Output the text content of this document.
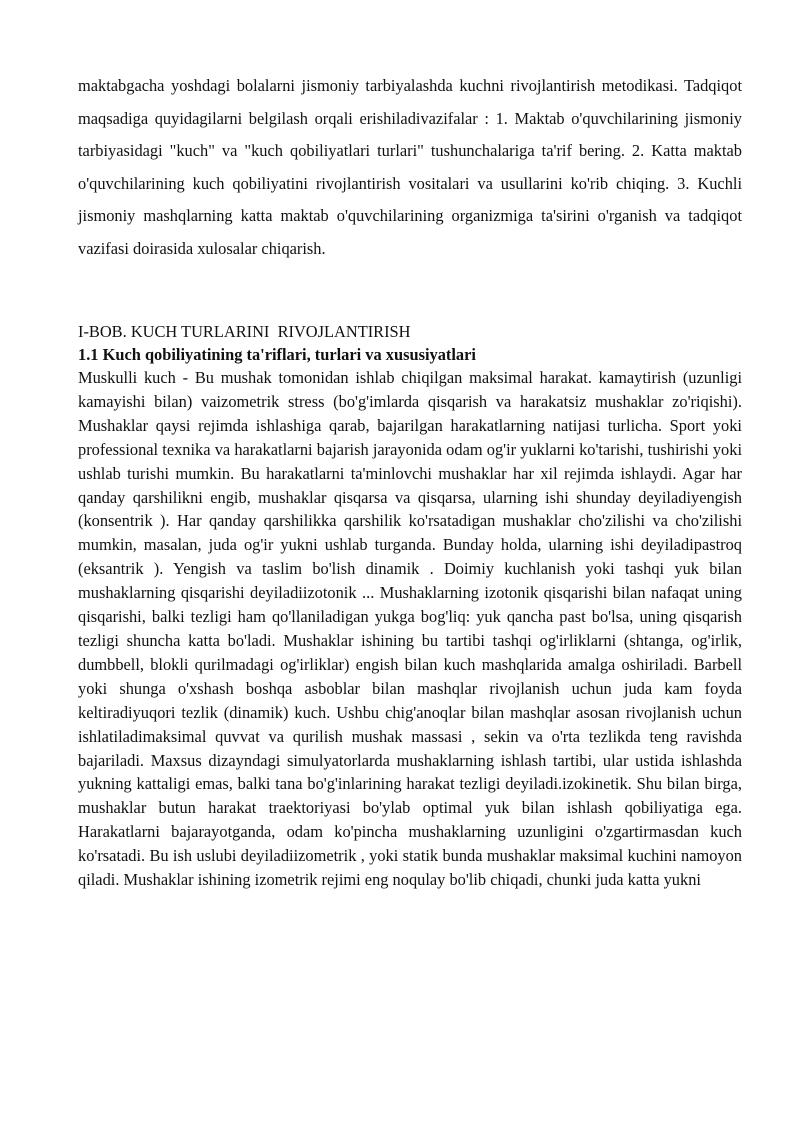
maktabgacha yoshdagi bolalarni jismoniy tarbiyalashda kuchni rivojlantirish metodikasi. Tadqiqot maqsadiga quyidagilarni belgilash orqali erishiladivazifalar : 1. Maktab o'quvchilarining jismoniy tarbiyasidagi "kuch" va "kuch qobiliyatlari turlari" tushunchalariga ta'rif bering. 2. Katta maktab o'quvchilarining kuch qobiliyatini rivojlantirish vositalari va usullarini ko'rib chiqing. 3. Kuchli jismoniy mashqlarning katta maktab o'quvchilarining organizmiga ta'sirini o'rganish va tadqiqot vazifasi doirasida xulosalar chiqarish.

I-BOB. KUCH TURLARINI  RIVOJLANTIRISH
1.1 Kuch qobiliyatining ta'riflari, turlari va xususiyatlari

Muskulli kuch - Bu mushak tomonidan ishlab chiqilgan maksimal harakat. kamaytirish (uzunligi kamayishi bilan) vaizometrik stress (bo'g'imlarda qisqarish va harakatsiz mushaklar zo'riqishi). Mushaklar qaysi rejimda ishlashiga qarab, bajarilgan harakatlarning natijasi turlicha. Sport yoki professional texnika va harakatlarni bajarish jarayonida odam og'ir yuklarni ko'tarishi, tushirishi yoki ushlab turishi mumkin. Bu harakatlarni ta'minlovchi mushaklar har xil rejimda ishlaydi. Agar har qanday qarshilikni engib, mushaklar qisqarsa va qisqarsa, ularning ishi shunday deyiladiyengish (konsentrik ). Har qanday qarshilikka qarshilik ko'rsatadigan mushaklar cho'zilishi va cho'zilishi mumkin, masalan, juda og'ir yukni ushlab turganda. Bunday holda, ularning ishi deyiladipastroq (eksantrik ). Yengish va taslim bo'lish dinamik . Doimiy kuchlanish yoki tashqi yuk bilan mushaklarning qisqarishi deyiladiizotonik ... Mushaklarning izotonik qisqarishi bilan nafaqat uning qisqarishi, balki tezligi ham qo'llaniladigan yukga bog'liq: yuk qancha past bo'lsa, uning qisqarish tezligi shuncha katta bo'ladi. Mushaklar ishining bu tartibi tashqi og'irliklarni (shtanga, og'irlik, dumbbell, blokli qurilmadagi og'irliklar) engish bilan kuch mashqlarida amalga oshiriladi. Barbell yoki shunga o'xshash boshqa asboblar bilan mashqlar rivojlanish uchun juda kam foyda keltiradiyuqori tezlik (dinamik) kuch. Ushbu chig'anoqlar bilan mashqlar asosan rivojlanish uchun ishlatiladimaksimal quvvat va qurilish mushak massasi , sekin va o'rta tezlikda teng ravishda bajariladi. Maxsus dizayndagi simulyatorlarda mushaklarning ishlash tartibi, ular ustida ishlashda yukning kattaligi emas, balki tana bo'g'inlarining harakat tezligi deyiladi.izokinetik. Shu bilan birga, mushaklar butun harakat traektoriyasi bo'ylab optimal yuk bilan ishlash qobiliyatiga ega. Harakatlarni bajarayotganda, odam ko'pincha mushaklarning uzunligini o'zgartirmasdan kuch ko'rsatadi. Bu ish uslubi deyiladiizometrik , yoki statik bunda mushaklar maksimal kuchini namoyon qiladi. Mushaklar ishining izometrik rejimi eng noqulay bo'lib chiqadi, chunki juda katta yukni
